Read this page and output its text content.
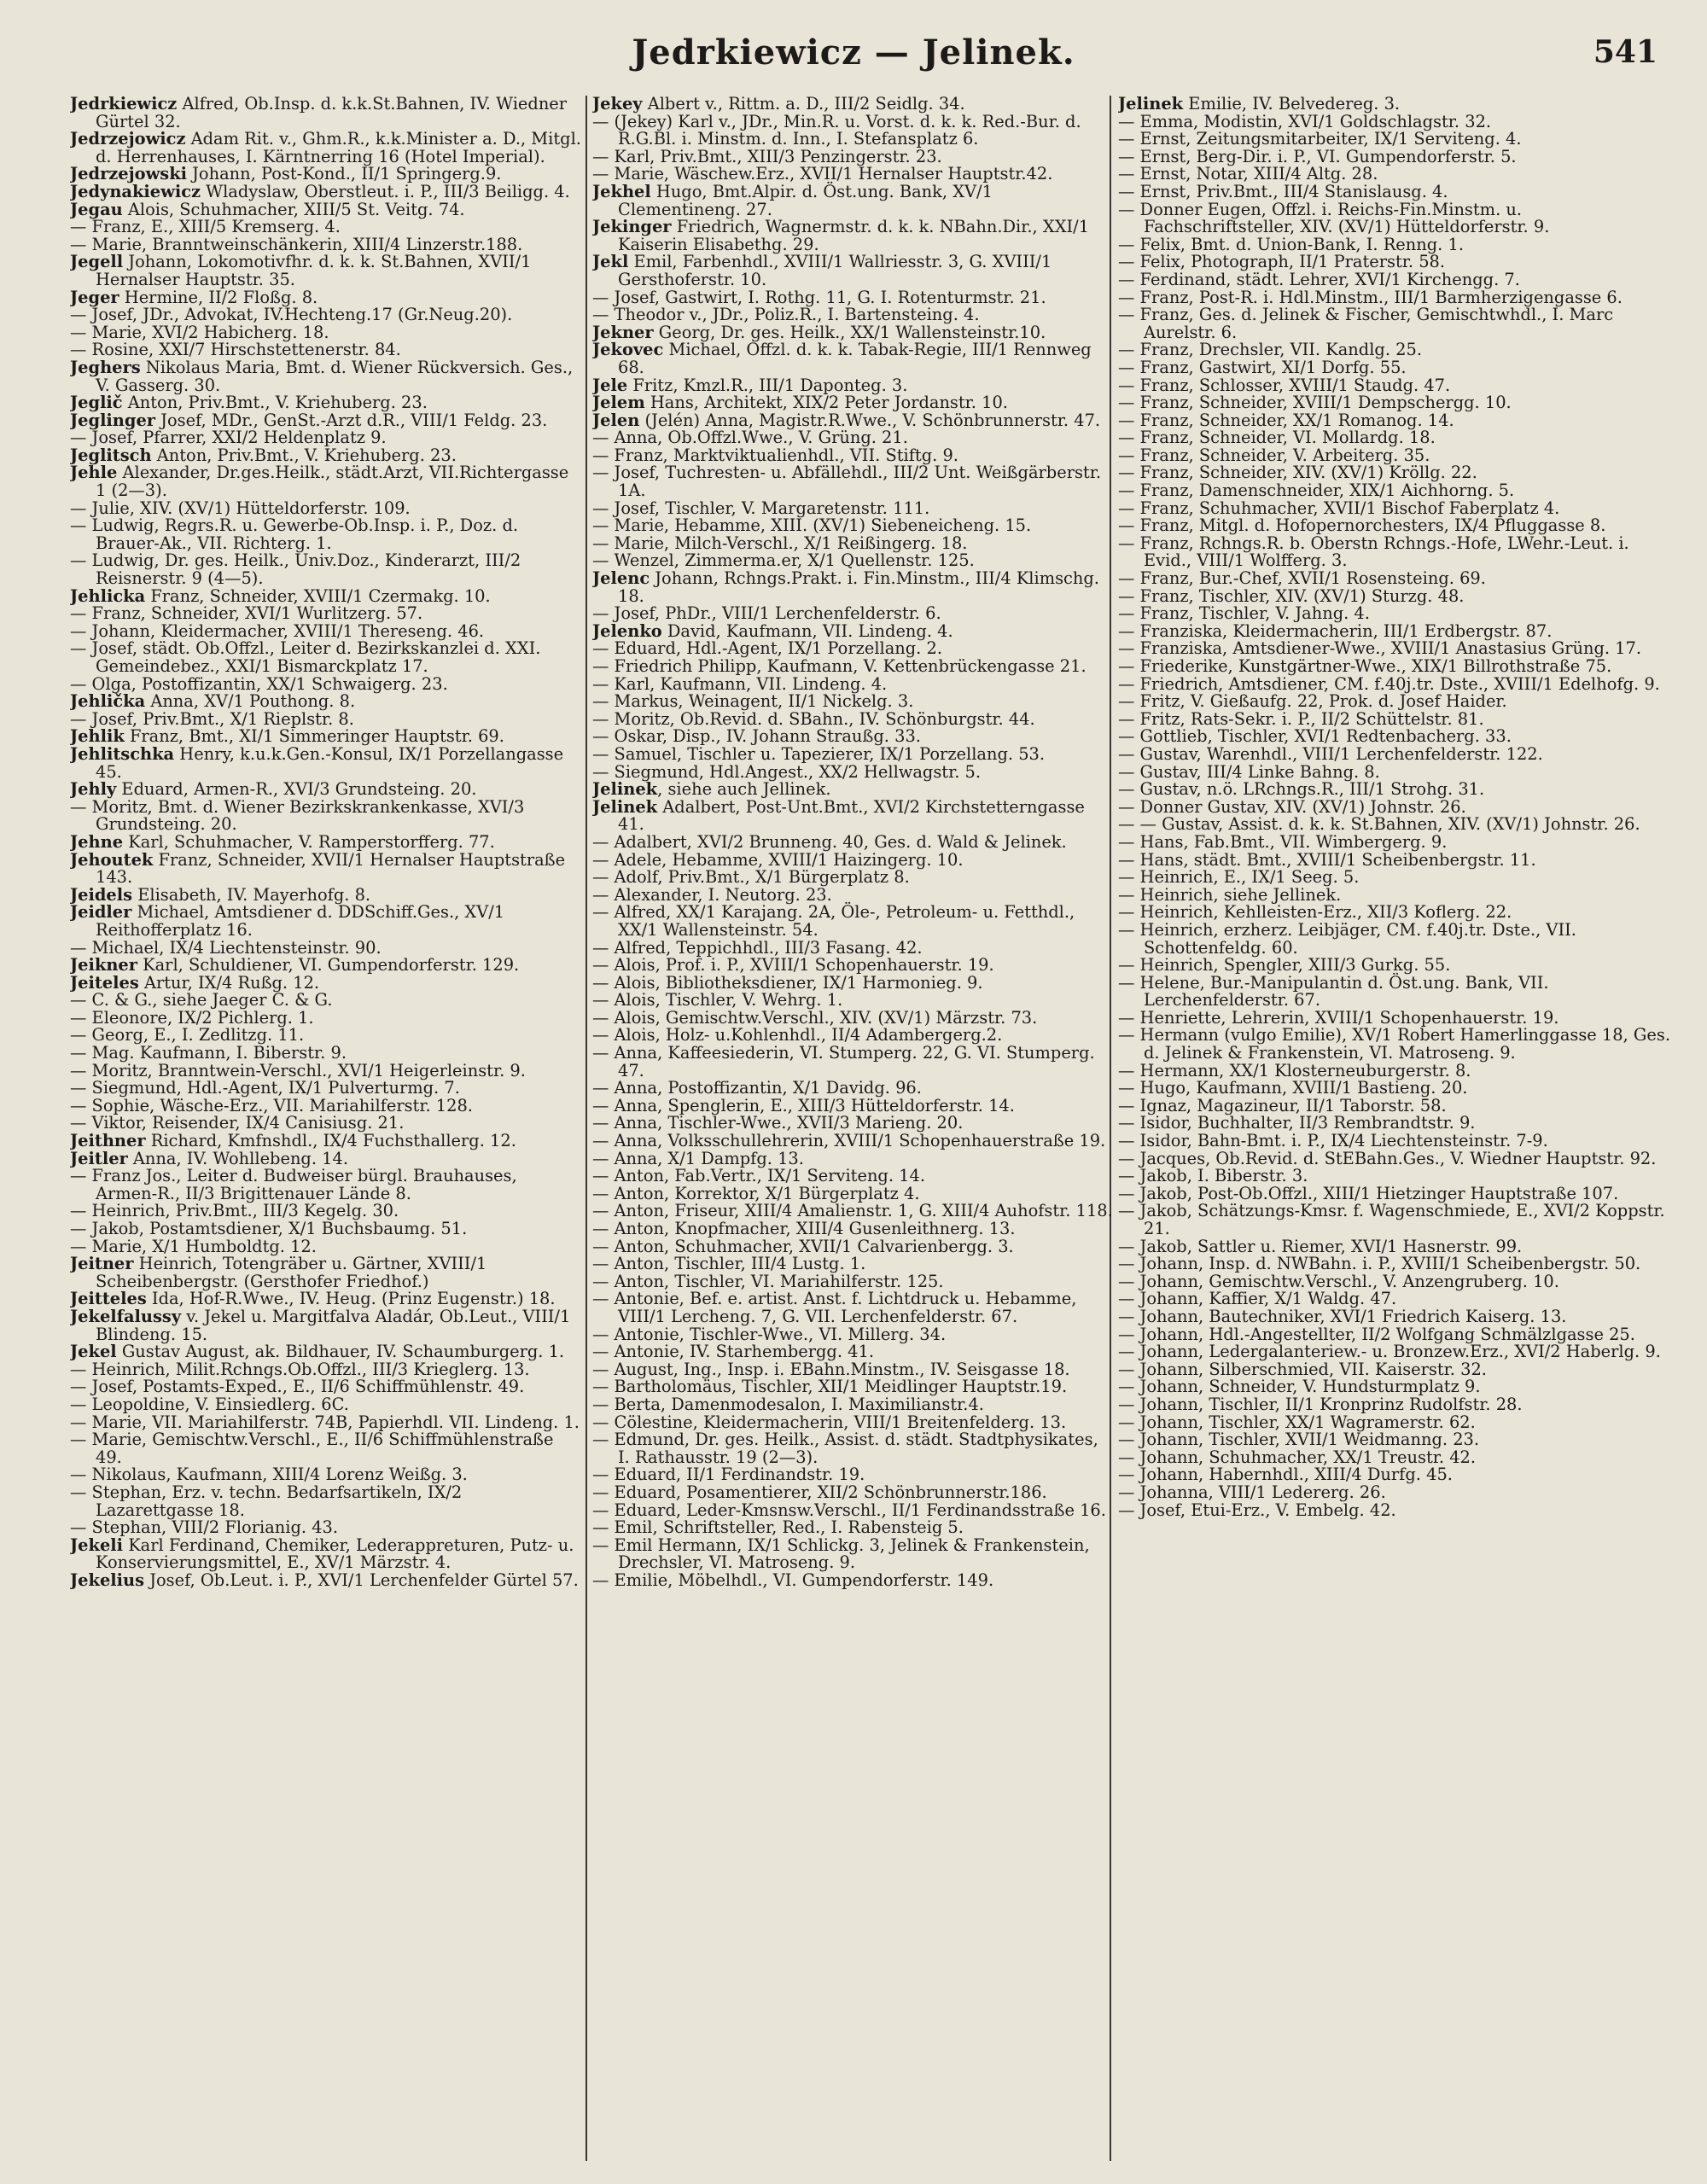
Jedrkiewicz — Jelinek.	541
Jedrkiewicz Alfred, Ob.Insp. d. k.k.St.Bahnen, IV. Wiedner Gürtel 32.
Jedrzejowicz Adam Rit. v., Ghm.R., k.k.Minister a. D., Mitgl. d. Herrenhauses, I. Kärntnerring 16 (Hotel Imperial).
Jedrzejowski Johann, Post-Kond., II/1 Springerg.9.
Jedynakiewicz Wladyslaw, Oberstleut. i. P., III/3 Beiligg. 4.
Jegau Alois, Schuhmacher, XIII/5 St. Veitg. 74.
— Franz, E., XIII/5 Kremserg. 4.
— Marie, Branntweinschänkerin, XIII/4 Linzerstr.188.
Jegell Johann, Lokomotivfhr. d. k. k. St.Bahnen, XVII/1 Hernalser Hauptstr. 35.
Jeger Hermine, II/2 Floßg. 8.
— Josef, JDr., Advokat, IV.Hechteng.17 (Gr.Neug.20).
— Marie, XVI/2 Habicherg. 18.
— Rosine, XXI/7 Hirschstettenerstr. 84.
Jeghers Nikolaus Maria, Bmt. d. Wiener Rückversich. Ges., V. Gasserg. 30.
Jeglič Anton, Priv.Bmt., V. Kriehuberg. 23.
Jeglinger Josef, MDr., GenSt.-Arzt d.R., VIII/1 Feldg. 23.
— Josef, Pfarrer, XXI/2 Heldenplatz 9.
Jeglitsch Anton, Priv.Bmt., V. Kriehuberg. 23.
Jehle Alexander, Dr.ges.Heilk., städt.Arzt, VII.Richtergasse 1 (2—3).
— Julie, XIV. (XV/1) Hütteldorferstr. 109.
— Ludwig, Regrs.R. u. Gewerbe-Ob.Insp. i. P., Doz. d. Brauer-Ak., VII. Richterg. 1.
— Ludwig, Dr. ges. Heilk., Univ.Doz., Kinderarzt, III/2 Reisnerstr. 9 (4—5).
Jehlicka Franz, Schneider, XVIII/1 Czermakg. 10.
— Franz, Schneider, XVI/1 Wurlitzerg. 57.
— Johann, Kleidermacher, XVIII/1 Thereseng. 46.
— Josef, städt. Ob.Offzl., Leiter d. Bezirkskanzlei d. XXI. Gemeindebez., XXI/1 Bismarckplatz 17.
— Olga, Postoffizantin, XX/1 Schwaigerg. 23.
Jehlička Anna, XV/1 Pouthong. 8.
— Josef, Priv.Bmt., X/1 Rieplstr. 8.
Jehlik Franz, Bmt., XI/1 Simmeringer Hauptstr. 69.
Jehlitschka Henry, k.u.k.Gen.-Konsul, IX/1 Porzellangasse 45.
Jehly Eduard, Armen-R., XVI/3 Grundsteing. 20.
— Moritz, Bmt. d. Wiener Bezirkskrankenkasse, XVI/3 Grundsteing. 20.
Jehne Karl, Schuhmacher, V. Ramperstorfferg. 77.
Jehoutek Franz, Schneider, XVII/1 Hernalser Hauptstraße 143.
Jeidels Elisabeth, IV. Mayerhofg. 8.
Jeidler Michael, Amtsdiener d. DDSchiff.Ges., XV/1 Reithofferplatz 16.
— Michael, IX/4 Liechtensteinstr. 90.
Jeikner Karl, Schuldiener, VI. Gumpendorferstr. 129.
Jeiteles Artur, IX/4 Rußg. 12.
— C. & G., siehe Jaeger C. & G.
— Eleonore, IX/2 Pichlerg. 1.
— Georg, E., I. Zedlitzg. 11.
— Mag. Kaufmann, I. Biberstr. 9.
— Moritz, Branntwein-Verschl., XVI/1 Heigerleinstr. 9.
— Siegmund, Hdl.-Agent, IX/1 Pulverturmg. 7.
— Sophie, Wäsche-Erz., VII. Mariahilferstr. 128.
— Viktor, Reisender, IX/4 Canisiusg. 21.
Jeithner Richard, Kmfnshdl., IX/4 Fuchsthallerg. 12.
Jeitler Anna, IV. Wohllebeng. 14.
— Franz Jos., Leiter d. Budweiser bürgl. Brauhauses, Armen-R., II/3 Brigittenauer Lände 8.
— Heinrich, Priv.Bmt., III/3 Kegelg. 30.
— Jakob, Postamtsdiener, X/1 Buchsbaumg. 51.
— Marie, X/1 Humboldtg. 12.
Jeitner Heinrich, Totengräber u. Gärtner, XVIII/1 Scheibenbergstr. (Gersthofer Friedhof.)
Jeitteles Ida, Hof-R.Wwe., IV. Heug. (Prinz Eugenstr.) 18.
Jekelfalussy v. Jekel u. Margitfalva Aladár, Ob.Leut., VIII/1 Blindeng. 15.
Jekel Gustav August, ak. Bildhauer, IV. Schaumburgerg. 1.
— Heinrich, Milit.Rchngs.Ob.Offzl., III/3 Krieglerg. 13.
— Josef, Postamts-Exped., E., II/6 Schiffmühlenstr. 49.
— Leopoldine, V. Einsiedlerg. 6C.
— Marie, VII. Mariahilferstr. 74B, Papierhdl. VII. Lindeng. 1.
— Marie, Gemischtw.Verschl., E., II/6 Schiffmühlenstraße 49.
— Nikolaus, Kaufmann, XIII/4 Lorenz Weißg. 3.
— Stephan, Erz. v. techn. Bedarfsartikeln, IX/2 Lazarettgasse 18.
— Stephan, VIII/2 Florianig. 43.
Jekeli Karl Ferdinand, Chemiker, Lederappreturen, Putz- u. Konservierungsmittel, E., XV/1 Märzstr. 4.
Jekelius Josef, Ob.Leut. i. P., XVI/1 Lerchenfelder Gürtel 57.
Jekey Albert v., Rittm. a. D., III/2 Seidlg. 34.
— (Jekey) Karl v., JDr., Min.R. u. Vorst. d. k. k. Red.-Bur. d. R.G.Bl. i. Minstm. d. Inn., I. Stefansplatz 6.
— Karl, Priv.Bmt., XIII/3 Penzingerstr. 23.
— Marie, Wäschew.Erz., XVII/1 Hernalser Hauptstr.42.
Jekhel Hugo, Bmt.Alpir. d. Öst.ung. Bank, XV/1 Clementineng. 27.
Jekinger Friedrich, Wagnermstr. d. k. k. NBahn.Dir., XXI/1 Kaiserin Elisabethg. 29.
Jekl Emil, Farbenhdl., XVIII/1 Wallriesstr. 3, G. XVIII/1 Gersthoferstr. 10.
— Josef, Gastwirt, I. Rothg. 11, G. I. Rotenturmstr. 21.
— Theodor v., JDr., Poliz.R., I. Bartensteing. 4.
Jekner Georg, Dr. ges. Heilk., XX/1 Wallensteinstr.10.
Jekovec Michael, Offzl. d. k. k. Tabak-Regie, III/1 Rennweg 68.
Jele Fritz, Kmzl.R., III/1 Daponteg. 3.
Jelem Hans, Architekt, XIX/2 Peter Jordanstr. 10.
Jelen (Jelén) Anna, Magistr.R.Wwe., V. Schönbrunnerstr. 47.
— Anna, Ob.Offzl.Wwe., V. Grüng. 21.
— Franz, Marktviktualienhdl., VII. Stiftg. 9.
— Josef, Tuchresten- u. Abfällehdl., III/2 Unt. Weißgärberstr. 1A.
— Josef, Tischler, V. Margaretenstr. 111.
— Marie, Hebamme, XIII. (XV/1) Siebeneicheng. 15.
— Marie, Milch-Verschl., X/1 Reißingerg. 18.
— Wenzel, Zimmerma.er, X/1 Quellenstr. 125.
Jelenc Johann, Rchngs.Prakt. i. Fin.Minstm., III/4 Klimschg. 18.
— Josef, PhDr., VIII/1 Lerchenfelderstr. 6.
Jelenko David, Kaufmann, VII. Lindeng. 4.
— Eduard, Hdl.-Agent, IX/1 Porzellang. 2.
— Friedrich Philipp, Kaufmann, V. Kettenbrückengasse 21.
— Karl, Kaufmann, VII. Lindeng. 4.
— Markus, Weinagent, II/1 Nickelg. 3.
— Moritz, Ob.Revid. d. SBahn., IV. Schönburgstr. 44.
— Oskar, Disp., IV. Johann Straußg. 33.
— Samuel, Tischler u. Tapezierer, IX/1 Porzellang. 53.
— Siegmund, Hdl.Angest., XX/2 Hellwagstr. 5.
Jelinek, siehe auch Jellinek.
Jelinek Adalbert, Post-Unt.Bmt., XVI/2 Kirchstetterngasse 41.
— Adalbert, XVI/2 Brunneng. 40, Ges. d. Wald & Jelinek.
— Adele, Hebamme, XVIII/1 Haizingerg. 10.
— Adolf, Priv.Bmt., X/1 Bürgerplatz 8.
— Alexander, I. Neutorg. 23.
— Alfred, XX/1 Karajang. 2A, Öle-, Petroleum- u. Fetthdl., XX/1 Wallensteinstr. 54.
— Alfred, Teppichhdl., III/3 Fasang. 42.
— Alois, Prof. i. P., XVIII/1 Schopenhauerstr. 19.
— Alois, Bibliotheksdiener, IX/1 Harmonieg. 9.
— Alois, Tischler, V. Wehrg. 1.
— Alois, Gemischtw.Verschl., XIV. (XV/1) Märzstr. 73.
— Alois, Holz- u.Kohlenhdl., II/4 Adambergerg.2.
— Anna, Kaffeesiederin, VI. Stumperg. 22, G. VI. Stumperg. 47.
— Anna, Postoffizantin, X/1 Davidg. 96.
— Anna, Spenglerin, E., XIII/3 Hütteldorferstr. 14.
— Anna, Tischler-Wwe., XVII/3 Marieng. 20.
— Anna, Volksschullehrerin, XVIII/1 Schopenhauerstraße 19.
— Anna, X/1 Dampfg. 13.
— Anton, Fab.Vertr., IX/1 Serviteng. 14.
— Anton, Korrektor, X/1 Bürgerplatz 4.
— Anton, Friseur, XIII/4 Amalienstr. 1, G. XIII/4 Auhofstr. 118.
— Anton, Knopfmacher, XIII/4 Gusenleithnerg. 13.
— Anton, Schuhmacher, XVII/1 Calvarienbergg. 3.
— Anton, Tischler, III/4 Lustg. 1.
— Anton, Tischler, VI. Mariahilferstr. 125.
— Antonie, Bef. e. artist. Anst. f. Lichtdruck u. Hebamme, VIII/1 Lercheng. 7, G. VII. Lerchenfelderstr. 67.
— Antonie, Tischler-Wwe., VI. Millerg. 34.
— Antonie, IV. Starhembergg. 41.
— August, Ing., Insp. i. EBahn.Minstm., IV. Seisgasse 18.
— Bartholomäus, Tischler, XII/1 Meidlinger Hauptstr.19.
— Berta, Damenmodesalon, I. Maximilianstr.4.
— Cölestine, Kleidermacherin, VIII/1 Breitenfelderg. 13.
— Edmund, Dr. ges. Heilk., Assist. d. städt. Stadtphysikates, I. Rathausstr. 19 (2—3).
— Eduard, II/1 Ferdinandstr. 19.
— Eduard, Posamentierer, XII/2 Schönbrunnerstr.186.
— Eduard, Leder-Kmsnsw.Verschl., II/1 Ferdinandsstraße 16.
— Emil, Schriftsteller, Red., I. Rabensteig 5.
— Emil Hermann, IX/1 Schlickg. 3, Jelinek & Frankenstein, Drechsler, VI. Matroseng. 9.
— Emilie, Möbelhdl., VI. Gumpendorferstr. 149.
Jelinek Emilie, IV. Belvedereg. 3.
— Emma, Modistin, XVI/1 Goldschlagstr. 32.
— Ernst, Zeitungsmitarbeiter, IX/1 Serviteng. 4.
— Ernst, Berg-Dir. i. P., VI. Gumpendorferstr. 5.
— Ernst, Notar, XIII/4 Altg. 28.
— Ernst, Priv.Bmt., III/4 Stanislausg. 4.
— Donner Eugen, Offzl. i. Reichs-Fin.Minstm. u. Fachschriftsteller, XIV. (XV/1) Hütteldorferstr. 9.
— Felix, Bmt. d. Union-Bank, I. Renng. 1.
— Felix, Photograph, II/1 Praterstr. 58.
— Ferdinand, städt. Lehrer, XVI/1 Kirchengg. 7.
— Franz, Post-R. i. Hdl.Minstm., III/1 Barmherzigengasse 6.
— Franz, Ges. d. Jelinek & Fischer, Gemischtwhdl., I. Marc Aurelstr. 6.
— Franz, Drechsler, VII. Kandlg. 25.
— Franz, Gastwirt, XI/1 Dorfg. 55.
— Franz, Schlosser, XVIII/1 Staudg. 47.
— Franz, Schneider, XVIII/1 Dempschergg. 10.
— Franz, Schneider, XX/1 Romanog. 14.
— Franz, Schneider, VI. Mollardg. 18.
— Franz, Schneider, V. Arbeiterg. 35.
— Franz, Schneider, XIV. (XV/1) Kröllg. 22.
— Franz, Damenschneider, XIX/1 Aichhorng. 5.
— Franz, Schuhmacher, XVII/1 Bischof Faberplatz 4.
— Franz, Mitgl. d. Hofopernorchesters, IX/4 Pfluggasse 8.
— Franz, Rchngs.R. b. Oberstn Rchngs.-Hofe, LWehr.-Leut. i. Evid., VIII/1 Wolfferg. 3.
— Franz, Bur.-Chef, XVII/1 Rosensteing. 69.
— Franz, Tischler, XIV. (XV/1) Sturzg. 48.
— Franz, Tischler, V. Jahng. 4.
— Franziska, Kleidermacherin, III/1 Erdbergstr. 87.
— Franziska, Amtsdiener-Wwe., XVIII/1 Anastasius Grüng. 17.
— Friederike, Kunstgärtner-Wwe., XIX/1 Billrothstraße 75.
— Friedrich, Amtsdiener, CM. f.40j.tr. Dste., XVIII/1 Edelhofg. 9.
— Fritz, V. Gießaufg. 22, Prok. d. Josef Haider.
— Fritz, Rats-Sekr. i. P., II/2 Schüttelstr. 81.
— Gottlieb, Tischler, XVI/1 Redtenbacherg. 33.
— Gustav, Warenhdl., VIII/1 Lerchenfelderstr. 122.
— Gustav, III/4 Linke Bahng. 8.
— Gustav, n.ö. LRchngs.R., III/1 Strohg. 31.
— Donner Gustav, XIV. (XV/1) Johnstr. 26.
— — Gustav, Assist. d. k. k. St.Bahnen, XIV. (XV/1) Johnstr. 26.
— Hans, Fab.Bmt., VII. Wimbergerg. 9.
— Hans, städt. Bmt., XVIII/1 Scheibenbergstr. 11.
— Heinrich, E., IX/1 Seeg. 5.
— Heinrich, siehe Jellinek.
— Heinrich, Kehlleisten-Erz., XII/3 Koflerg. 22.
— Heinrich, erzherz. Leibjäger, CM. f.40j.tr. Dste., VII. Schottenfeldg. 60.
— Heinrich, Spengler, XIII/3 Gurkg. 55.
— Helene, Bur.-Manipulantin d. Öst.ung. Bank, VII. Lerchenfelderstr. 67.
— Henriette, Lehrerin, XVIII/1 Schopenhauerstr. 19.
— Hermann (vulgo Emilie), XV/1 Robert Hamerlinggasse 18, Ges. d. Jelinek & Frankenstein, VI. Matroseng. 9.
— Hermann, XX/1 Klosterneuburgerstr. 8.
— Hugo, Kaufmann, XVIII/1 Bastieng. 20.
— Ignaz, Magazineur, II/1 Taborstr. 58.
— Isidor, Buchhalter, II/3 Rembrandtstr. 9.
— Isidor, Bahn-Bmt. i. P., IX/4 Liechtensteinstr. 7-9.
— Jacques, Ob.Revid. d. StEBahn.Ges., V. Wiedner Hauptstr. 92.
— Jakob, I. Biberstr. 3.
— Jakob, Post-Ob.Offzl., XIII/1 Hietzinger Hauptstraße 107.
— Jakob, Schätzungs-Kmsr. f. Wagenschmiede, E., XVI/2 Koppstr. 21.
— Jakob, Sattler u. Riemer, XVI/1 Hasnerstr. 99.
— Johann, Insp. d. NWBahn. i. P., XVIII/1 Scheibenbergstr. 50.
— Johann, Gemischtw.Verschl., V. Anzengruberg. 10.
— Johann, Kaffier, X/1 Waldg. 47.
— Johann, Bautechniker, XVI/1 Friedrich Kaiserg. 13.
— Johann, Hdl.-Angestellter, II/2 Wolfgang Schmälzlgasse 25.
— Johann, Ledergalanteriew.- u. Bronzew.Erz., XVI/2 Haberlg. 9.
— Johann, Silberschmied, VII. Kaiserstr. 32.
— Johann, Schneider, V. Hundsturmplatz 9.
— Johann, Tischler, II/1 Kronprinz Rudolfstr. 28.
— Johann, Tischler, XX/1 Wagramerstr. 62.
— Johann, Tischler, XVII/1 Weidmanng. 23.
— Johann, Schuhmacher, XX/1 Treustr. 42.
— Johann, Habernhdl., XIII/4 Durfg. 45.
— Johanna, VIII/1 Ledererg. 26.
— Josef, Etui-Erz., V. Embelg. 42.
